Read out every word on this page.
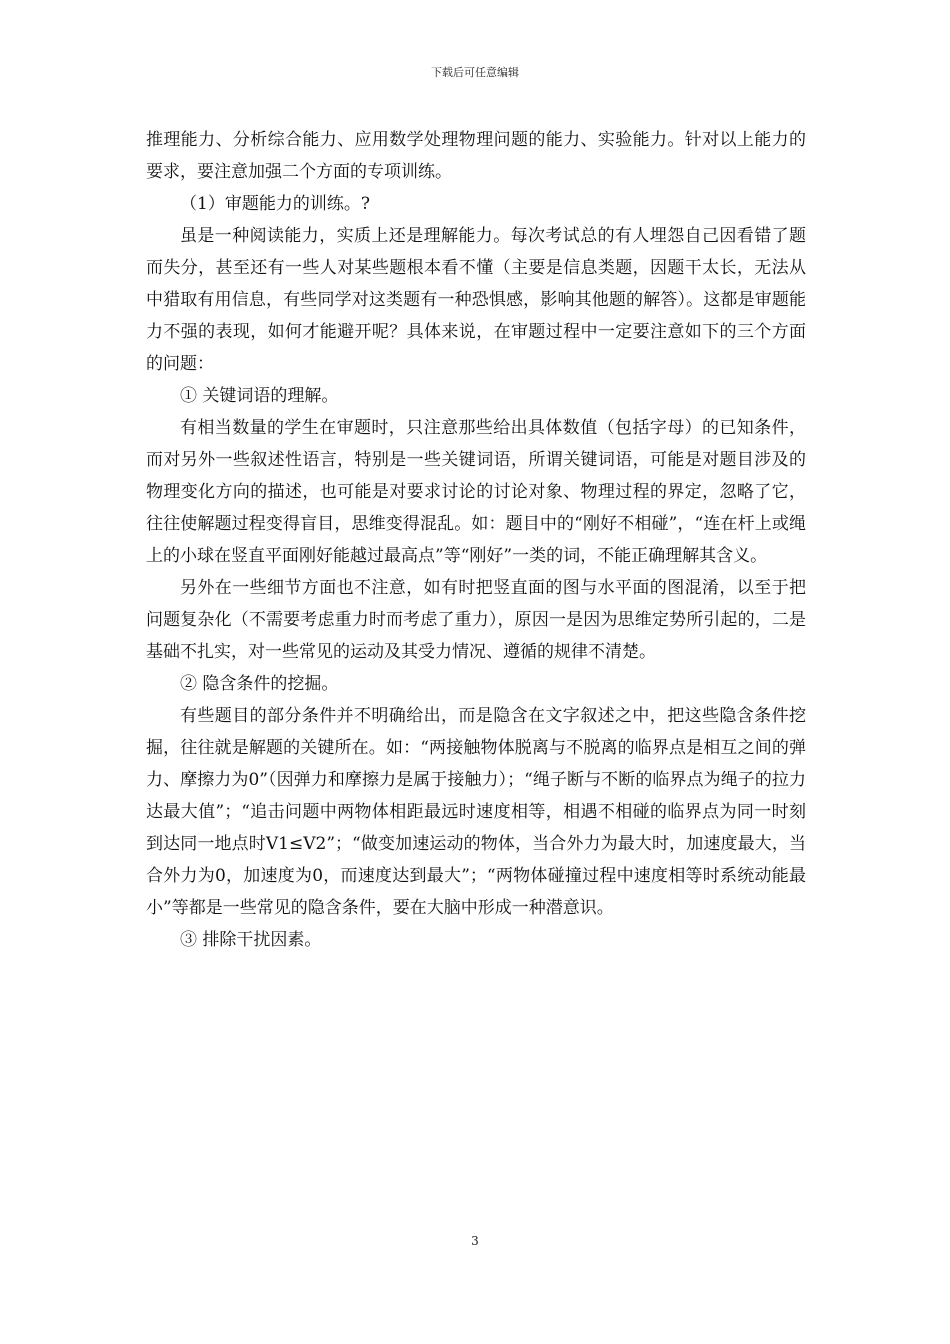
下载后可任意编辑

推理能力、分析综合能力、应用数学处理物理问题的能力、实验能力。针对以上能力的要求，要注意加强二个方面的专项训练。

（1）审题能力的训练。?

虽是一种阅读能力，实质上还是理解能力。每次考试总的有人埋怨自己因看错了题而失分，甚至还有一些人对某些题根本看不懂（主要是信息类题，因题干太长，无法从中猎取有用信息，有些同学对这类题有一种恐惧感，影响其他题的解答）。这都是审题能力不强的表现，如何才能避开呢？具体来说，在审题过程中一定要注意如下的三个方面的问题：

① 关键词语的理解。

有相当数量的学生在审题时，只注意那些给出具体数值（包括字母）的已知条件，而对另外一些叙述性语言，特别是一些关键词语，所谓关键词语，可能是对题目涉及的物理变化方向的描述，也可能是对要求讨论的讨论对象、物理过程的界定，忽略了它，往往使解题过程变得盲目，思维变得混乱。如：题目中的“刚好不相碰”，“连在杆上或绳上的小球在竖直平面刚好能越过最高点”等“刚好”一类的词，不能正确理解其含义。

另外在一些细节方面也不注意，如有时把竖直面的图与水平面的图混淆，以至于把问题复杂化（不需要考虑重力时而考虑了重力），原因一是因为思维定势所引起的，二是基础不扎实，对一些常见的运动及其受力情况、遵循的规律不清楚。

② 隐含条件的挖掘。

有些题目的部分条件并不明确给出，而是隐含在文字叙述之中，把这些隐含条件挖掘，往往就是解题的关键所在。如：“两接触物体脱离与不脱离的临界点是相互之间的弹力、摩擦力为0”（因弹力和摩擦力是属于接触力）；“绳子断与不断的临界点为绳子的拉力达最大值”；“追击问题中两物体相距最远时速度相等，相遇不相碰的临界点为同一时刻到达同一地点时V1≤V2”；“做变加速运动的物体，当合外力为最大时，加速度最大，当合外力为0，加速度为0，而速度达到最大”；“两物体碰撞过程中速度相等时系统动能最小”等都是一些常见的隐含条件，要在大脑中形成一种潜意识。

③ 排除干扰因素。

3
